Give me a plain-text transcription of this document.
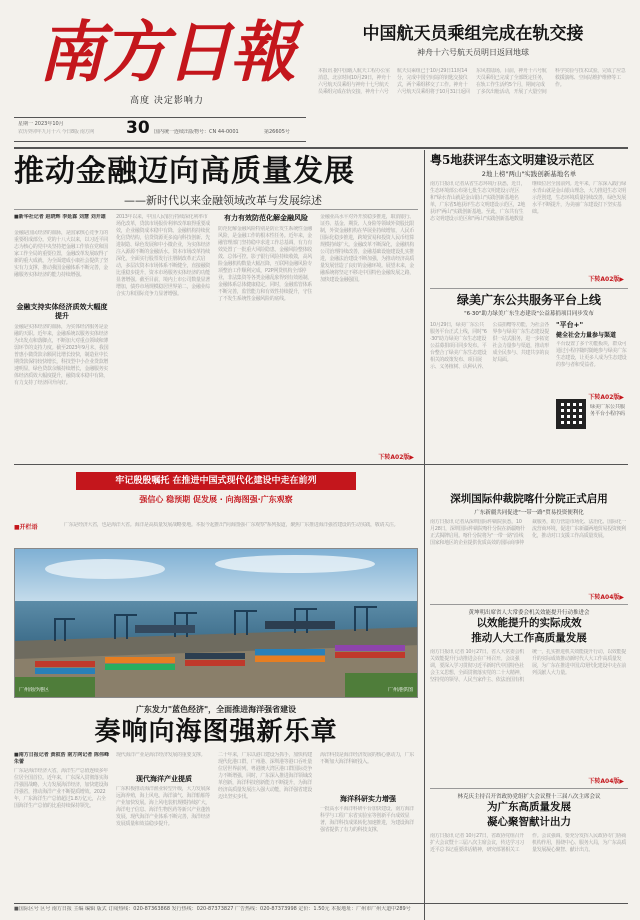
南方日報
高度 决定影响力
星期一 2023年10月	30	第26605号
国内统一连续出版物号：CN 44-0001
农历癸卯年九月十六 今日8版 南方网
中国航天员乘组完成在轨交接
神舟十六号航天员明日返回地球
本报讯 据中国载人航天工程办公室消息，北京时间10月29日，神舟十六号航天员乘组与神舟十七号航天员乘组完成在轨交接，神舟十六号航天员乘组已于10月29日11时14分，完成中国空间站的钥匙交接仪式，两个乘组移交了工作。神舟十六号航天员乘组将于10月31日返回东风着陆场。目前，神舟十六号航天员乘组已完成了全部既定任务，在轨工作生活约5个月，期间完成了多次出舱活动，开展了大量空间科学实验与技术试验，完成了应急救援演练、空间站维护维修等工作。
推动金融迈向高质量发展
——新时代以来金融领域改革与发展综述
■新华社记者 赵晓辉 李延霖 刘慧 刘开雄
金融是国民经济的血脉，是国家核心竞争力的重要组成部分。党的十八大以来，以习近平同志为核心的党中央坚持把金融工作放在党和国家工作全局的重要位置，金融改革发展取得了新的重大成就，为全面建成小康社会提供了坚实有力支撑，推动我国金融体系不断完善，金融服务实体经济的能力持续增强。
金融支持实体经济质效大幅度提升
金融是实体经济的血脉，为实体经济服务是金融的天职。近年来，金融系统以服务实体经济为出发点和落脚点，不断加大对重点领域和薄弱环节的支持力度。截至2023年9月末，我国普惠小微贷款余额同比增长较快，制造业中长期贷款保持较快增长，科技型中小企业贷款增速明显，绿色贷款余额持续增长，金融服务实体经济质效大幅度提升，融资成本稳中有降，有力支持了经济回升向好。
2013年以来，中国人民银行持续深化利率市场化改革，贷款市场报价利率改革取得重要成效，企业融资成本稳中有降。金融机构持续优化信贷结构，信贷资源更多流向科技创新、先进制造、绿色发展和中小微企业，为实体经济注入源源不断的金融活水。资本市场改革持续深化，全面实行股票发行注册制改革正式启动，多层次资本市场体系不断健全，直接融资比重稳步提升，资本市场服务实体经济的功能显著增强。截至目前，境内上市公司数量显著增加，债券市场规模稳居世界第二，金融业综合实力和国际竞争力显著增强。
有力有效防范化解金融风险
防范化解金融风险特别是防止发生系统性金融风险，是金融工作的根本性任务。近年来，金融管理部门坚持稳中求进工作总基调，有力有效处置了一批重大风险隐患，金融风险整体收敛、总体可控。影子银行风险持续收敛，高风险金融机构数量大幅压降，互联网金融风险专项整治工作顺利完成，P2P网贷机构全部停业，非法集资等各类金融乱象得到有效遏制，金融体系总体健康稳定。同时，金融监管体系不断完善，监管能力和有效性持续提升，守住了不发生系统性金融风险的底线。
金融业高水平对外开放稳步推进，取消银行、证券、基金、期货、人身险等领域外资股比限制，外资金融机构在华展业持续增加，人民币国际化稳步推进，跨境贸易和投资人民币结算规模持续扩大。金融改革不断深化，金融机构公司治理持续改善，金融基础设施建设扎实推进，金融法治建设不断加强，为推动经济高质量发展营造了良好的金融环境。展望未来，金融系统将坚定不移走中国特色金融发展之路，加快建设金融强国。
下转A02版▶
粤5地获评生态文明建设示范区
2地上榜"两山"实践创新基地名单
南方日报讯 记者从省生态环境厅获悉，近日，生态环境部公布第七批生态文明建设示范区和"绿水青山就是金山银山"实践创新基地名单，广东省5地获评生态文明建设示范区，2地获评"两山"实践创新基地。至此，广东共有生态文明建设示范区和"两山"实践创新基地数量继续位居全国前列。近年来，广东深入践行绿水青山就是金山银山理念，大力推进生态文明示范创建，生态环境质量持续改善，绿色发展水平不断提升，为美丽广东建设打下坚实基础。
下转A02版▶
绿美广东公共服务平台上线
"6·30"助力绿美广东生态建设"公益募捐项目同步发布
10月29日，绿美广东公共服务平台正式上线，同时"6·30"助力绿美广东生态建设公益募捐项目同步发布。平台整合了绿美广东生态建设相关的政策发布、项目展示、义务植树、认种认养、公益捐赠等功能，为社会各界参与绿美广东生态建设提供一站式服务，进一步拓宽社会力量参与渠道，推动形成全民参与、共建共享的良好局面。
"平台+"
健全社会力量参与渠道
平台设置了多个功能板块，群众可通过小程序随时随地参与绿美广东生态建设，让更多人成为生态建设的参与者和受益者。
绿美广东公共服务平台小程序码
下转A02版▶
牢记殷殷嘱托 在推进中国式现代化建设中走在前列
强信心 稳预期 促发展 · 向海图强·广东观察
■开栏语	广东是经济大省，也是海洋大省。海洋是高质量发展战略要地。本报今起推出"向海图强·广东观察"系列报道，聚焦广东推进海洋强省建设的生动实践，敬请关注。
广州南沙港区	广州港供图
广东发力"蓝色经济"，全面推进海洋强省建设
奏响向海图强新乐章
■南方日报记者 黄叙浩 南方网记者 陈伟峰 朱蕾
广东是海洋经济大省，海洋生产总值连续多年位居全国首位。近年来，广东深入贯彻落实海洋强国战略，大力发展海洋经济，加快建设海洋强省，推动海洋产业不断提质增效。2022年，广东海洋生产总值超过1.8万亿元，占全国海洋生产总值的比重持续保持领先。
现代海洋产业是海洋经济发展的重要支撑。
现代海洋产业提质
广东积极推动海洋渔业转型升级，大力发展深远海养殖，海上风电、海洋油气、海洋船舶等产业加快发展。海上风电装机规模持续扩大，海洋电子信息、海洋生物医药等新兴产业蓬勃发展，现代海洋产业体系不断完善，海洋经济发展质量和效益稳步提升。
二十年来，广东以港口建设为抓手，加快构建现代化港口群，广州港、深圳港等港口吞吐量位居世界前列，粤港澳大湾区港口群国际竞争力不断增强。同时，广东深入推进海洋领域改革创新，海洋科技创新能力不断提升，为海洋经济高质量发展注入强大动能，海洋强省建设迈出坚实步伐。
海洋科技是海洋经济发展的核心驱动力，广东不断加大海洋科研投入。
海洋科研实力增强
一批高水平海洋科研平台加快建设，南方海洋科学与工程广东省实验室等创新平台成效显著，海洋科技成果转化加速推进，为建设海洋强省提供了有力的科技支撑。
深圳国际仲裁院喀什分院正式启用
广东新疆共同促进"一带一路"贸易投资便利化
南方日报讯 记者从深圳国际仲裁院获悉，10月28日，深圳国际仲裁院喀什分院在新疆喀什正式揭牌启用。喀什分院将为"一带一路"沿线国家和地区的企业提供优质高效的国际商事仲裁服务，助力营造市场化、法治化、国际化一流营商环境，促进广东新疆两地贸易投资便利化，推动对口支援工作高质量发展。
下转A04版▶
黄坤明出席省人大常委会机关效能提升行动推进会
以效能提升的实际成效
推动人大工作高质量发展
南方日报讯 记者 10月27日，省人大常委会机关效能提升行动推进会在广州召开。会议强调，要深入学习贯彻习近平新时代中国特色社会主义思想，全面贯彻落实党的二十大精神，坚持党的领导、人民当家作主、依法治国有机统一，扎实推进机关效能提升行动，以效能提升的实际成效推动新时代人大工作高质量发展，为广东在推进中国式现代化建设中走在前列贡献人大力量。
下转A04版▶
林克庆主持召开省政协党组扩大会议暨十三届八次主席会议
为广东高质量发展
凝心聚智献计出力
南方日报讯 记者 10月27日，省政协党组召开扩大会议暨十三届八次主席会议，传达学习习近平总书记重要讲话精神，研究部署相关工作。会议强调，要充分发挥人民政协专门协商机构作用，围绕中心、服务大局，为广东高质量发展凝心聚智、献计出力。
■国际区号 区号 南方日报 主编 编辑 版式 订阅热线：020-87363868 发行热线：020-87373827 广告热线：020-87373998 定价：1.50元 本报地址：广州市广州大道中289号
